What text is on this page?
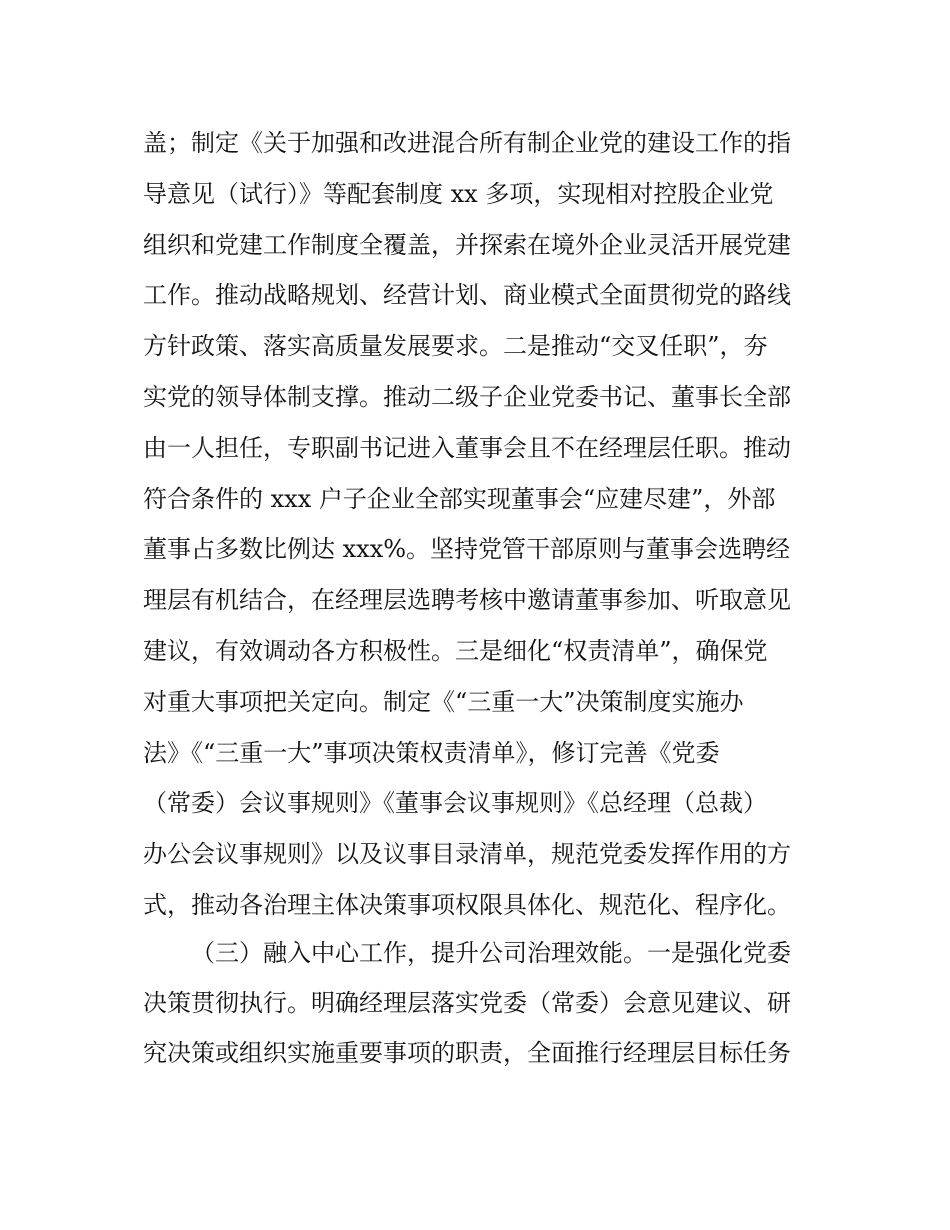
盖；制定《关于加强和改进混合所有制企业党的建设工作的指
导意见（试行）》等配套制度 xx 多项，实现相对控股企业党
组织和党建工作制度全覆盖，并探索在境外企业灵活开展党建
工作。推动战略规划、经营计划、商业模式全面贯彻党的路线
方针政策、落实高质量发展要求。二是推动“交叉任职”，夯
实党的领导体制支撑。推动二级子企业党委书记、董事长全部
由一人担任，专职副书记进入董事会且不在经理层任职。推动
符合条件的 xxx 户子企业全部实现董事会“应建尽建”，外部
董事占多数比例达 xxx%。坚持党管干部原则与董事会选聘经
理层有机结合，在经理层选聘考核中邀请董事参加、听取意见
建议，有效调动各方积极性。三是细化“权责清单”，确保党
对重大事项把关定向。制定《“三重一大”决策制度实施办
法》《“三重一大”事项决策权责清单》，修订完善《党委
（常委）会议事规则》《董事会议事规则》《总经理（总裁）
办公会议事规则》以及议事目录清单，规范党委发挥作用的方
式，推动各治理主体决策事项权限具体化、规范化、程序化。
（三）融入中心工作，提升公司治理效能。一是强化党委
决策贯彻执行。明确经理层落实党委（常委）会意见建议、研
究决策或组织实施重要事项的职责，全面推行经理层目标任务
